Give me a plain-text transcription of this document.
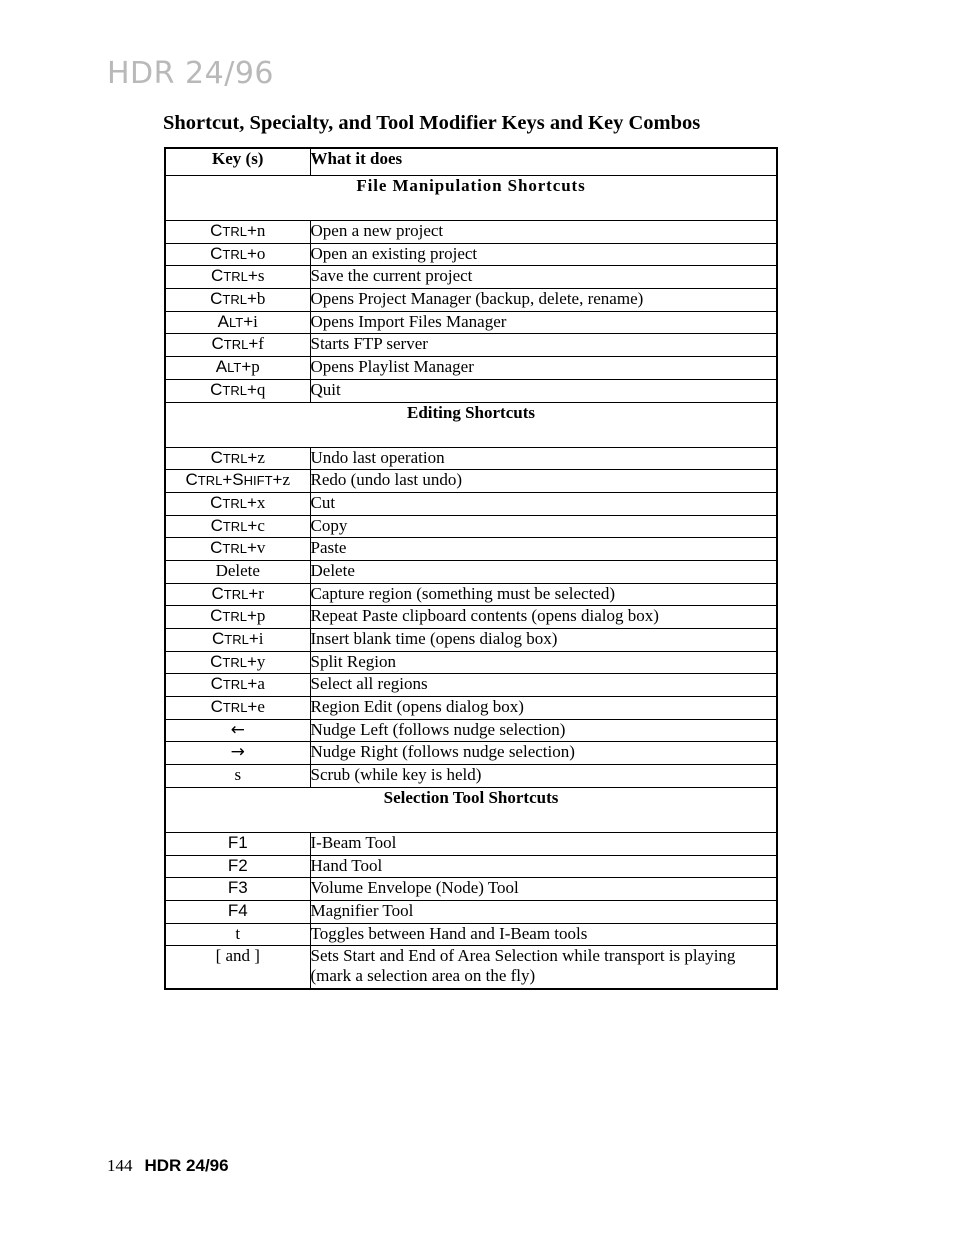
HDR 24/96
Shortcut, Specialty, and Tool Modifier Keys and Key Combos
Key (s)	What it does
File Manipulation Shortcuts	
CTRL+n	Open a new project
CTRL+o	Open an existing project
CTRL+s	Save the current project
CTRL+b	Opens Project Manager (backup, delete, rename)
ALT+i	Opens Import Files Manager
CTRL+f	Starts FTP server
ALT+p	Opens Playlist Manager
CTRL+q	Quit
Editing Shortcuts	
CTRL+z	Undo last operation
CTRL+SHIFT+z	Redo (undo last undo)
CTRL+x	Cut
CTRL+c	Copy
CTRL+v	Paste
Delete	Delete
CTRL+r	Capture region (something must be selected)
CTRL+p	Repeat Paste clipboard contents (opens dialog box)
CTRL+i	Insert blank time (opens dialog box)
CTRL+y	Split Region
CTRL+a	Select all regions
CTRL+e	Region Edit (opens dialog box)
←	Nudge Left (follows nudge selection)
→	Nudge Right (follows nudge selection)
s	Scrub (while key is held)
Selection Tool Shortcuts	
F1	I-Beam Tool
F2	Hand Tool
F3	Volume Envelope (Node) Tool
F4	Magnifier Tool
t	Toggles between Hand and I-Beam tools
[ and ]	Sets Start and End of Area Selection while transport is playing (mark a selection area on the fly)
144 HDR 24/96
